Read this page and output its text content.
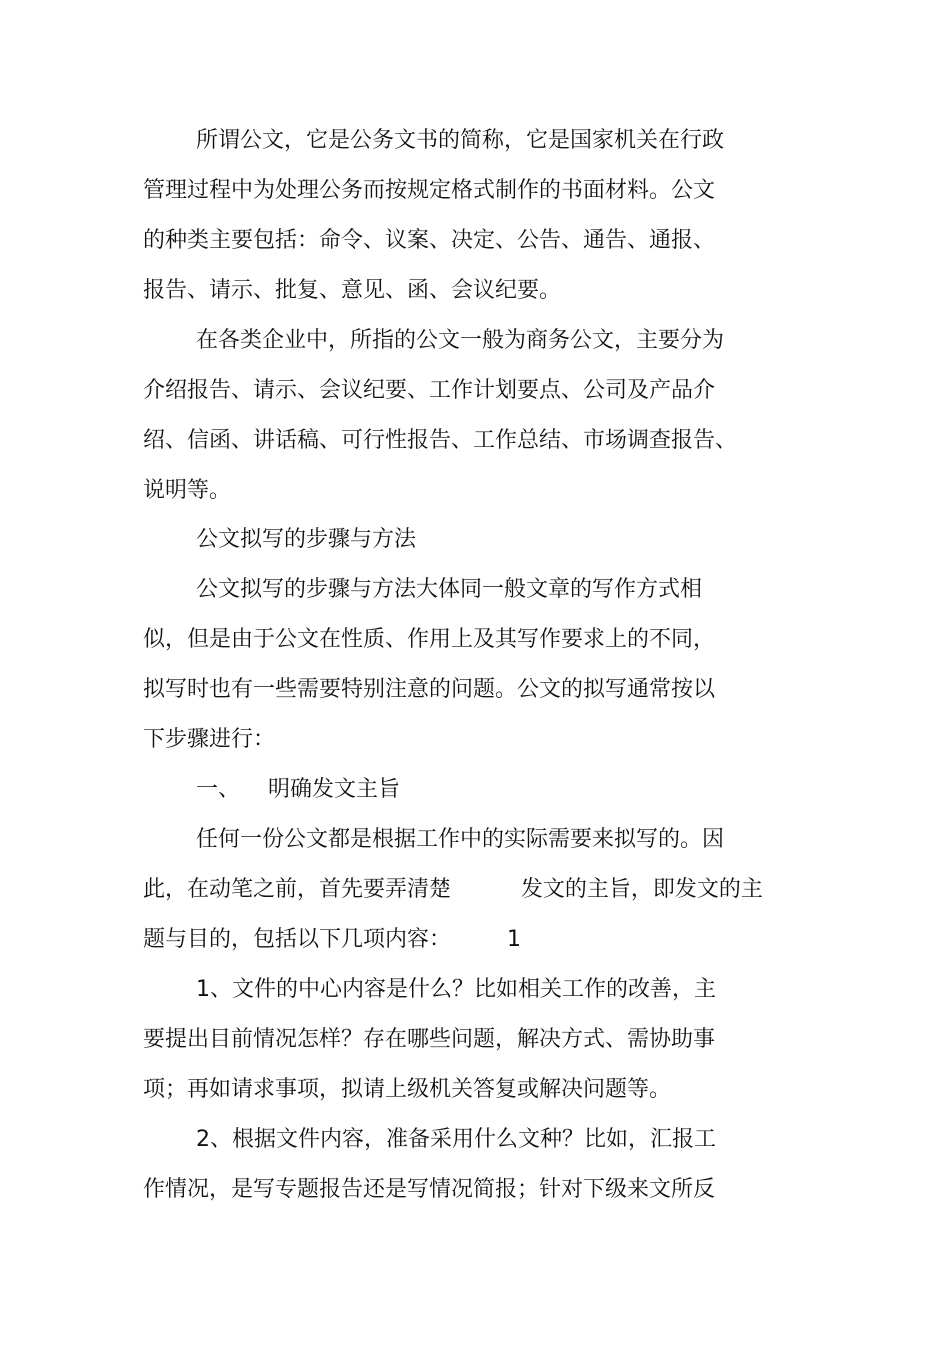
所谓公文，它是公务文书的简称，它是国家机关在行政

管理过程中为处理公务而按规定格式制作的书面材料。公文

的种类主要包括：命令、议案、决定、公告、通告、通报、

报告、请示、批复、意见、函、会议纪要。

在各类企业中，所指的公文一般为商务公文，主要分为

介绍报告、请示、会议纪要、工作计划要点、公司及产品介

绍、信函、讲话稿、可行性报告、工作总结、市场调查报告、

说明等。

公文拟写的步骤与方法

公文拟写的步骤与方法大体同一般文章的写作方式相

似，但是由于公文在性质、作用上及其写作要求上的不同，

拟写时也有一些需要特别注意的问题。公文的拟写通常按以

下步骤进行：

一、    明确发文主旨

任何一份公文都是根据工作中的实际需要来拟写的。因

此，在动笔之前，首先要弄清楚          发文的主旨，即发文的主

题与目的，包括以下几项内容：        1

1、文件的中心内容是什么？比如相关工作的改善，主

要提出目前情况怎样？存在哪些问题，解决方式、需协助事

项；再如请求事项，拟请上级机关答复或解决问题等。

2、根据文件内容，准备采用什么文种？比如，汇报工

作情况，是写专题报告还是写情况简报；针对下级来文所反
